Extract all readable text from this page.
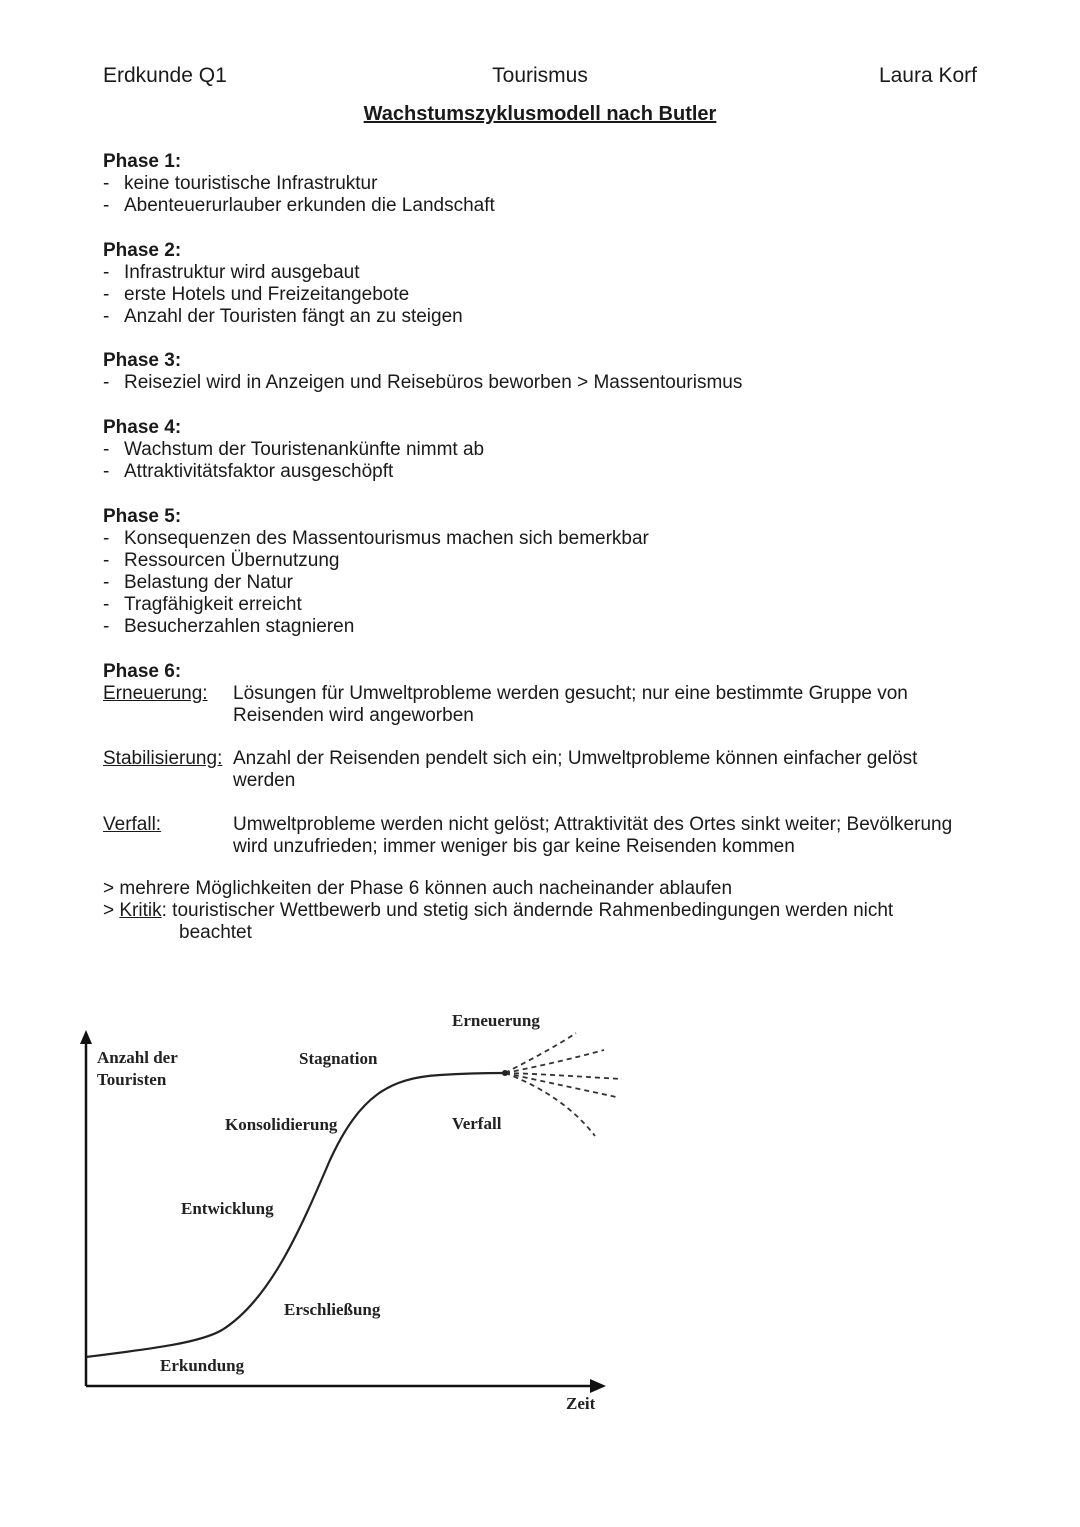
Erdkunde Q1	Tourismus	Laura Korf
Wachstumszyklusmodell nach Butler
Phase 1:
- keine touristische Infrastruktur
- Abenteuerurlauber erkunden die Landschaft
Phase 2:
- Infrastruktur wird ausgebaut
- erste Hotels und Freizeitangebote
- Anzahl der Touristen fängt an zu steigen
Phase 3:
- Reiseziel wird in Anzeigen und Reisebüros beworben > Massentourismus
Phase 4:
- Wachstum der Touristenankünfte nimmt ab
- Attraktivitätsfaktor ausgeschöpft
Phase 5:
- Konsequenzen des Massentourismus machen sich bemerkbar
- Ressourcen Übernutzung
- Belastung der Natur
- Tragfähigkeit erreicht
- Besucherzahlen stagnieren
Phase 6:
Erneuerung: Lösungen für Umweltprobleme werden gesucht; nur eine bestimmte Gruppe von Reisenden wird angeworben
Stabilisierung: Anzahl der Reisenden pendelt sich ein; Umweltprobleme können einfacher gelöst werden
Verfall:	Umweltprobleme werden nicht gelöst; Attraktivität des Ortes sinkt weiter; Bevölkerung wird unzufrieden; immer weniger bis gar keine Reisenden kommen
> mehrere Möglichkeiten der Phase 6 können auch nacheinander ablaufen
> Kritik: touristischer Wettbewerb und stetig sich ändernde Rahmenbedingungen werden nicht
beachtet
Anzahl der
Touristen
Zeit
Erkundung
Erschließung
Entwicklung
Konsolidierung
Stagnation
Erneuerung
Verfall
